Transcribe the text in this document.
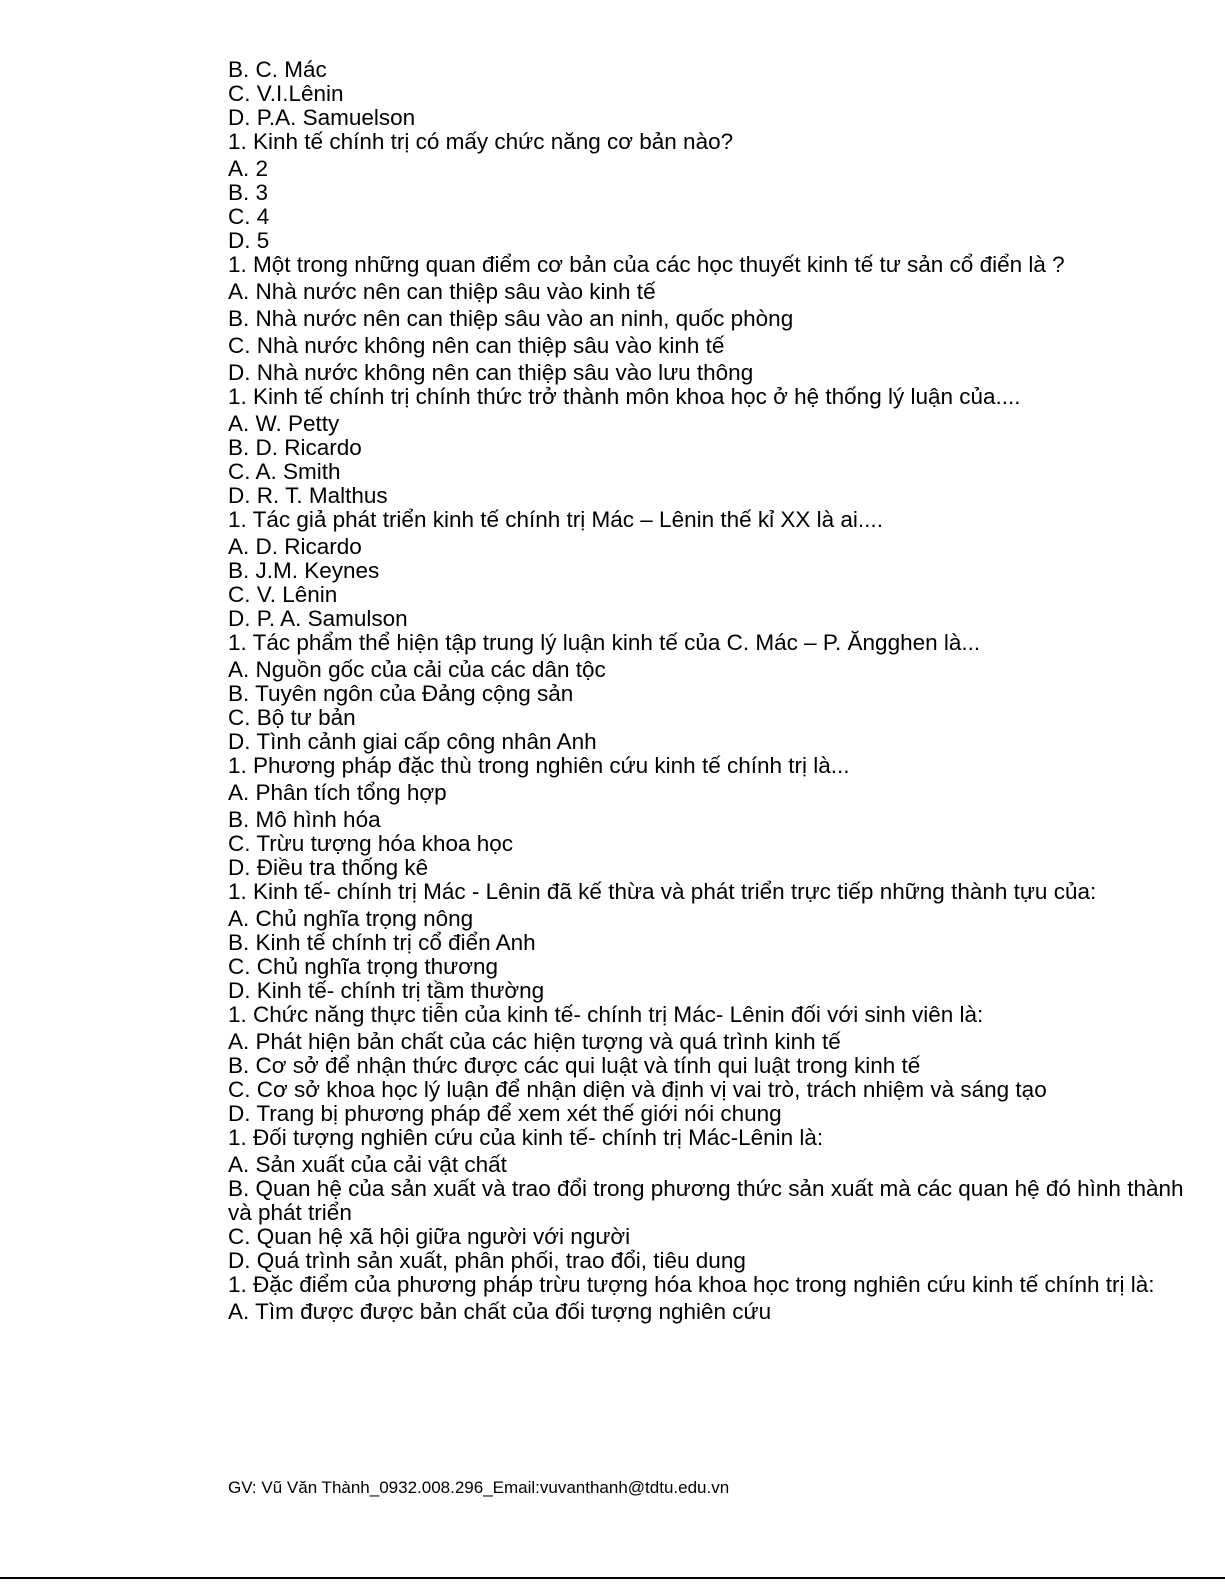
B. C. Mác
C. V.I.Lênin
D. P.A. Samuelson
1. Kinh tế chính trị có mấy chức năng cơ bản nào?
A. 2
B. 3
C. 4
D. 5
1. Một trong những quan điểm cơ bản của các học thuyết kinh tế tư sản cổ điển là ?
A. Nhà nước nên can thiệp sâu vào kinh tế
B. Nhà nước nên can thiệp sâu vào an ninh, quốc phòng
C. Nhà nước không nên can thiệp sâu vào kinh tế
D. Nhà nước không nên can thiệp sâu vào lưu thông
1. Kinh tế chính trị chính thức trở thành môn khoa học ở hệ thống lý luận của....
A. W. Petty
B. D. Ricardo
C. A. Smith
D. R. T. Malthus
1. Tác giả phát triển kinh tế chính trị Mác – Lênin thế kỉ XX là ai....
A. D. Ricardo
B. J.M. Keynes
C. V. Lênin
D. P. A. Samulson
1. Tác phẩm thể hiện tập trung lý luận kinh tế của C. Mác – P. Ăngghen là...
A. Nguồn gốc của cải của các dân tộc
B. Tuyên ngôn của Đảng cộng sản
C. Bộ tư bản
D. Tình cảnh giai cấp công nhân Anh
1. Phương pháp đặc thù trong nghiên cứu kinh tế chính trị là...
A. Phân tích tổng hợp
B. Mô hình hóa
C. Trừu tượng hóa khoa học
D. Điều tra thống kê
1. Kinh tế- chính trị Mác - Lênin đã kế thừa và phát triển trực tiếp những thành tựu của:
A. Chủ nghĩa trọng nông
B. Kinh tế chính trị cổ điển Anh
C. Chủ nghĩa trọng thương
D. Kinh tế- chính trị tầm thường
1. Chức năng thực tiễn của kinh tế- chính trị Mác- Lênin đối với sinh viên là:
A. Phát hiện bản chất của các hiện tượng và quá trình kinh tế
B. Cơ sở để nhận thức được các qui luật và tính qui luật trong kinh tế
C. Cơ sở khoa học lý luận để nhận diện và định vị vai trò, trách nhiệm và sáng tạo
D. Trang bị phương pháp để xem xét thế giới nói chung
1. Đối tượng nghiên cứu của kinh tế- chính trị Mác-Lênin là:
A. Sản xuất của cải vật chất
B. Quan hệ của sản xuất và trao đổi trong phương thức sản xuất mà các quan hệ đó hình thành và phát triển
C. Quan hệ xã hội giữa người với người
D. Quá trình sản xuất, phân phối, trao đổi, tiêu dung
1. Đặc điểm của phương pháp trừu tượng hóa khoa học trong nghiên cứu kinh tế chính trị là:
A. Tìm được được bản chất của đối tượng nghiên cứu
GV: Vũ Văn Thành_0932.008.296_Email:vuvanthanh@tdtu.edu.vn
